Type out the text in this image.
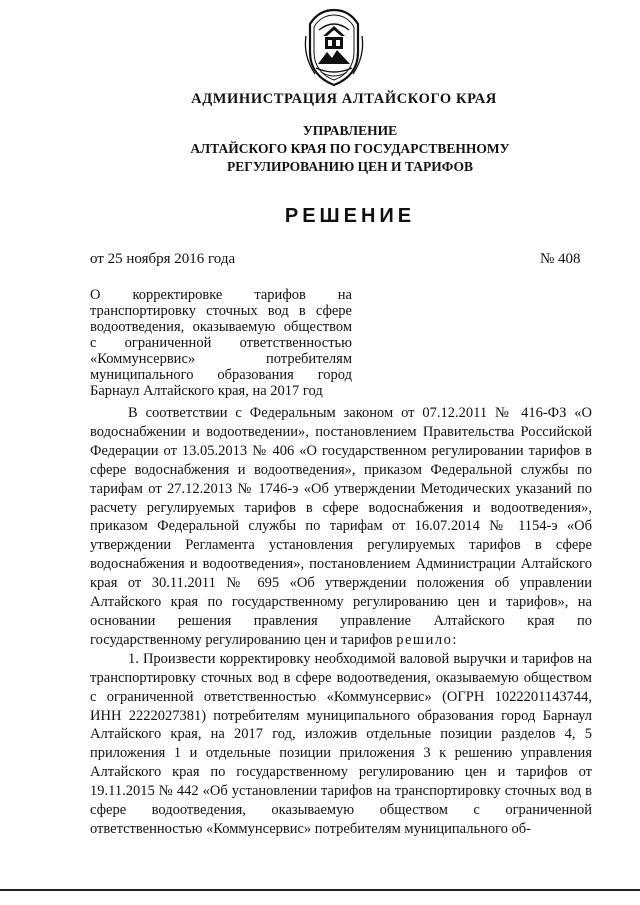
АДМИНИСТРАЦИЯ АЛТАЙСКОГО КРАЯ
УПРАВЛЕНИЕ
АЛТАЙСКОГО КРАЯ ПО ГОСУДАРСТВЕННОМУ
РЕГУЛИРОВАНИЮ ЦЕН И ТАРИФОВ
РЕШЕНИЕ
от 25 ноября 2016 года	№ 408
О корректировке тарифов на транспортировку сточных вод в сфере водоотведения, оказываемую обществом с ограниченной ответственностью «Коммунсервис» потребителям муниципального образования город Барнаул Алтайского края, на 2017 год

В соответствии с Федеральным законом от 07.12.2011 № 416-ФЗ «О водоснабжении и водоотведении», постановлением Правительства Российской Федерации от 13.05.2013 № 406 «О государственном регулировании тарифов в сфере водоснабжения и водоотведения», приказом Федеральной службы по тарифам от 27.12.2013 № 1746-э «Об утверждении Методических указаний по расчету регулируемых тарифов в сфере водоснабжения и водоотведения», приказом Федеральной службы по тарифам от 16.07.2014 № 1154-э «Об утверждении Регламента установления регулируемых тарифов в сфере водоснабжения и водоотведения», постановлением Администрации Алтайского края от 30.11.2011 № 695 «Об утверждении положения об управлении Алтайского края по государственному регулированию цен и тарифов», на основании решения правления управление Алтайского края по государственному регулированию цен и тарифов решило:

1. Произвести корректировку необходимой валовой выручки и тарифов на транспортировку сточных вод в сфере водоотведения, оказываемую обществом с ограниченной ответственностью «Коммунсервис» (ОГРН 1022201143744, ИНН 2222027381) потребителям муниципального образования город Барнаул Алтайского края, на 2017 год, изложив отдельные позиции разделов 4, 5 приложения 1 и отдельные позиции приложения 3 к решению управления Алтайского края по государственному регулированию цен и тарифов от 19.11.2015 № 442 «Об установлении тарифов на транспортировку сточных вод в сфере водоотведения, оказываемую обществом с ограниченной ответственностью «Коммунсервис» потребителям муниципального об-
